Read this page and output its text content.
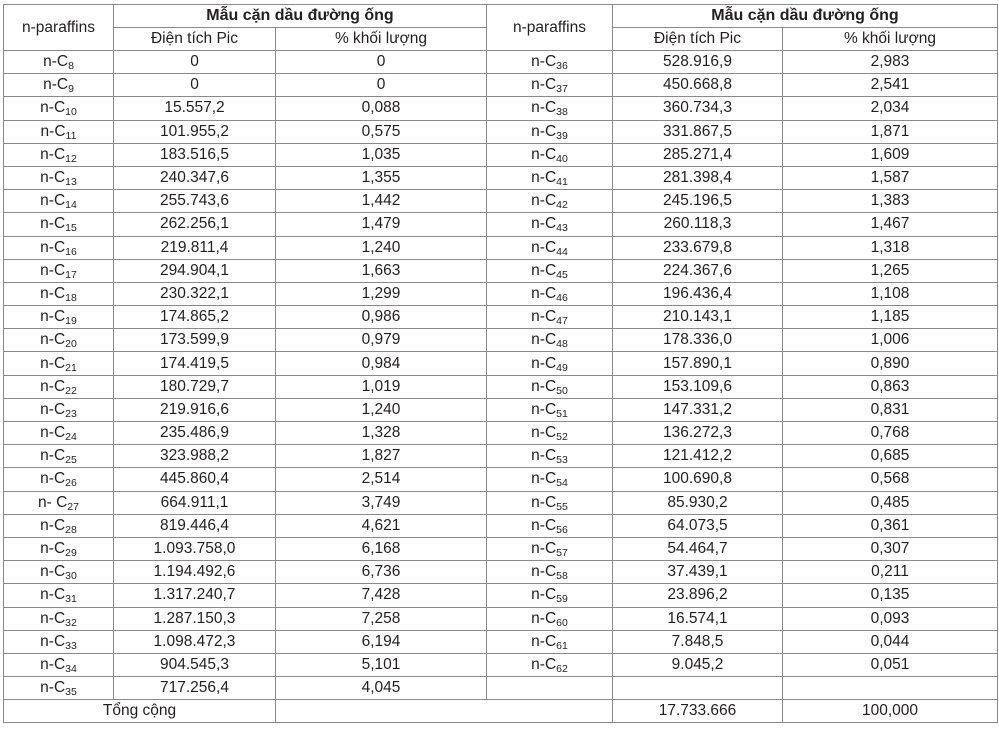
n-paraffins	Mẫu cặn dầu đường ống		n-paraffins	Mẫu cặn dầu đường ống	
	Điện tích Pic	% khối lượng		Điện tích Pic	% khối lượng
$n-C_8$	0	0	$n-C_{36}$	528.916,9	2,983
$n-C_9$	0	0	$n-C_{37}$	450.668,8	2,541
$n-C_{10}$	15.557,2	0,088	$n-C_{38}$	360.734,3	2,034
$n-C_{11}$	101.955,2	0,575	$n-C_{39}$	331.867,5	1,871
$n-C_{12}$	183.516,5	1,035	$n-C_{40}$	285.271,4	1,609
$n-C_{13}$	240.347,6	1,355	$n-C_{41}$	281.398,4	1,587
$n-C_{14}$	255.743,6	1,442	$n-C_{42}$	245.196,5	1,383
$n-C_{15}$	262.256,1	1,479	$n-C_{43}$	260.118,3	1,467
$n-C_{16}$	219.811,4	1,240	$n-C_{44}$	233.679,8	1,318
$n-C_{17}$	294.904,1	1,663	$n-C_{45}$	224.367,6	1,265
$n-C_{18}$	230.322,1	1,299	$n-C_{46}$	196.436,4	1,108
$n-C_{19}$	174.865,2	0,986	$n-C_{47}$	210.143,1	1,185
$n-C_{20}$	173.599,9	0,979	$n-C_{48}$	178.336,0	1,006
$n-C_{21}$	174.419,5	0,984	$n-C_{49}$	157.890,1	0,890
$n-C_{22}$	180.729,7	1,019	$n-C_{50}$	153.109,6	0,863
$n-C_{23}$	219.916,6	1,240	$n-C_{51}$	147.331,2	0,831
$n-C_{24}$	235.486,9	1,328	$n-C_{52}$	136.272,3	0,768
$n-C_{25}$	323.988,2	1,827	$n-C_{53}$	121.412,2	0,685
$n-C_{26}$	445.860,4	2,514	$n-C_{54}$	100.690,8	0,568
n- $C_{27}$	664.911,1	3,749	$n-C_{55}$	85.930,2	0,485
$n-C_{28}$	819.446,4	4,621	$n-C_{56}$	64.073,5	0,361
$n-C_{29}$	1.093.758,0	6,168	$n-C_{57}$	54.464,7	0,307
$n-C_{30}$	1.194.492,6	6,736	$n-C_{58}$	37.439,1	0,211
$n-C_{31}$	1.317.240,7	7,428	$n-C_{59}$	23.896,2	0,135
$n-C_{32}$	1.287.150,3	7,258	$n-C_{60}$	16.574,1	0,093
$n-C_{33}$	1.098.472,3	6,194	$n-C_{61}$	7.848,5	0,044
$n-C_{34}$	904.545,3	5,101	$n-C_{62}$	9.045,2	0,051
$n-C_{35}$	717.256,4	4,045			
Tổng cộng				17.733.666	100,000
